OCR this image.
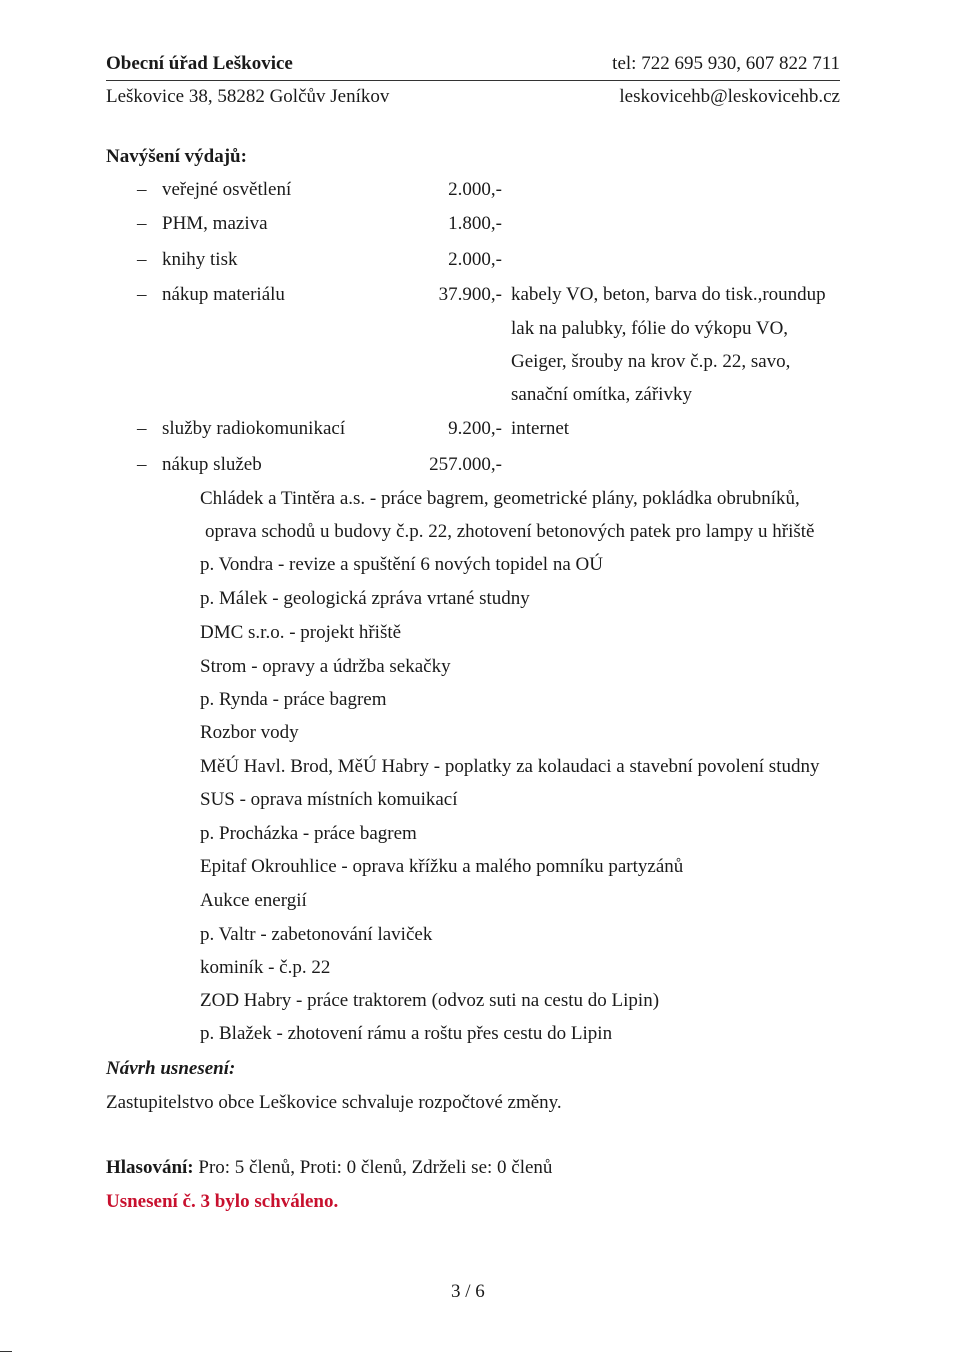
Obecní úřad Leškovice	tel: 722 695 930, 607 822 711
Leškovice 38, 58282 Golčův Jeníkov	leskovicehb@leskovicehb.cz
Navýšení výdajů:
– veřejné osvětlení	2.000,-
– PHM, maziva	1.800,-
– knihy tisk	2.000,-
– nákup materiálu	37.900,- kabely VO, beton, barva do tisk.,roundup
lak na palubky, fólie do výkopu VO,
Geiger, šrouby na krov č.p. 22, savo,
sanační omítka, zářivky
– služby radiokomunikací	9.200,- internet
– nákup služeb	257.000,-
Chládek a Tintěra a.s. - práce bagrem, geometrické plány, pokládka obrubníků,
oprava schodů u budovy č.p. 22, zhotovení betonových patek pro lampy u hřiště
p. Vondra - revize a spuštění 6 nových topidel na OÚ
p. Málek - geologická zpráva vrtané studny
DMC s.r.o. - projekt hřiště
Strom - opravy a údržba sekačky
p. Rynda - práce bagrem
Rozbor vody
MěÚ Havl. Brod, MěÚ Habry - poplatky za kolaudaci a stavební povolení studny
SUS - oprava místních komuikací
p. Procházka - práce bagrem
Epitaf Okrouhlice - oprava křížku a malého pomníku partyzánů
Aukce energií
p. Valtr - zabetonování laviček
kominík - č.p. 22
ZOD Habry - práce traktorem (odvoz suti na cestu do Lipin)
p. Blažek - zhotovení rámu a roštu přes cestu do Lipin
Návrh usnesení:
Zastupitelstvo obce Leškovice schvaluje rozpočtové změny.
Hlasování: Pro: 5 členů, Proti: 0 členů, Zdrželi se: 0 členů
Usnesení č. 3 bylo schváleno.
3 / 6
